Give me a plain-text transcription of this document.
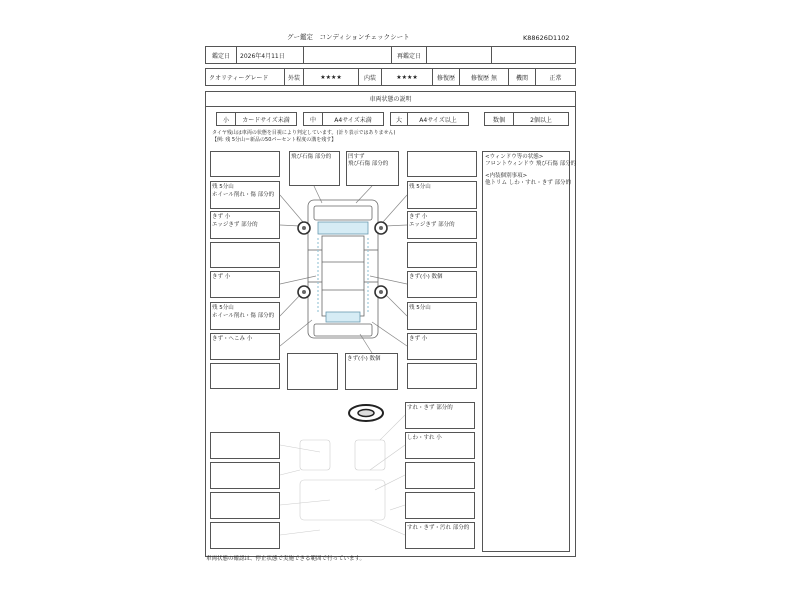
グー鑑定　コンディションチェックシート	K88626D1102
鑑定日	2026年4月11日	再鑑定日
クオリティーグレード	外装	★★★★	内装	★★★★	修復歴	修復歴 無	機関	正常
車両状態の説明
小	カードサイズ未満	中	A4サイズ未満	大	A4サイズ以上	数個	2個以上
タイヤ残山は車両の状態を目視により判定しています。(計り表示ではありません)
【例: 残 5分山＝新品の50パーセント程度の溝を残す】
飛び石傷 部分的	凹すず
飛び石傷 部分的
残 5分山
ホイール削れ・傷 部分的
きず 小
エッジきず 部分的
きず 小
残 5分山
ホイール削れ・傷 部分的
きず・へこみ 小
きず(小) 数個
残 5分山
きず 小
エッジきず 部分的
きず(小) 数個
残 5分山
きず 小
<ウィンドウ等の状態>
フロントウィンドウ 飛び石傷 部分的
<内装個別事項>
他トリム しわ・すれ・きず 部分的
すれ・きず 部分的
しわ・すれ 小
すれ・きず・汚れ 部分的
車両状態の確認は、停止状態で実施できる範囲で行っています。
